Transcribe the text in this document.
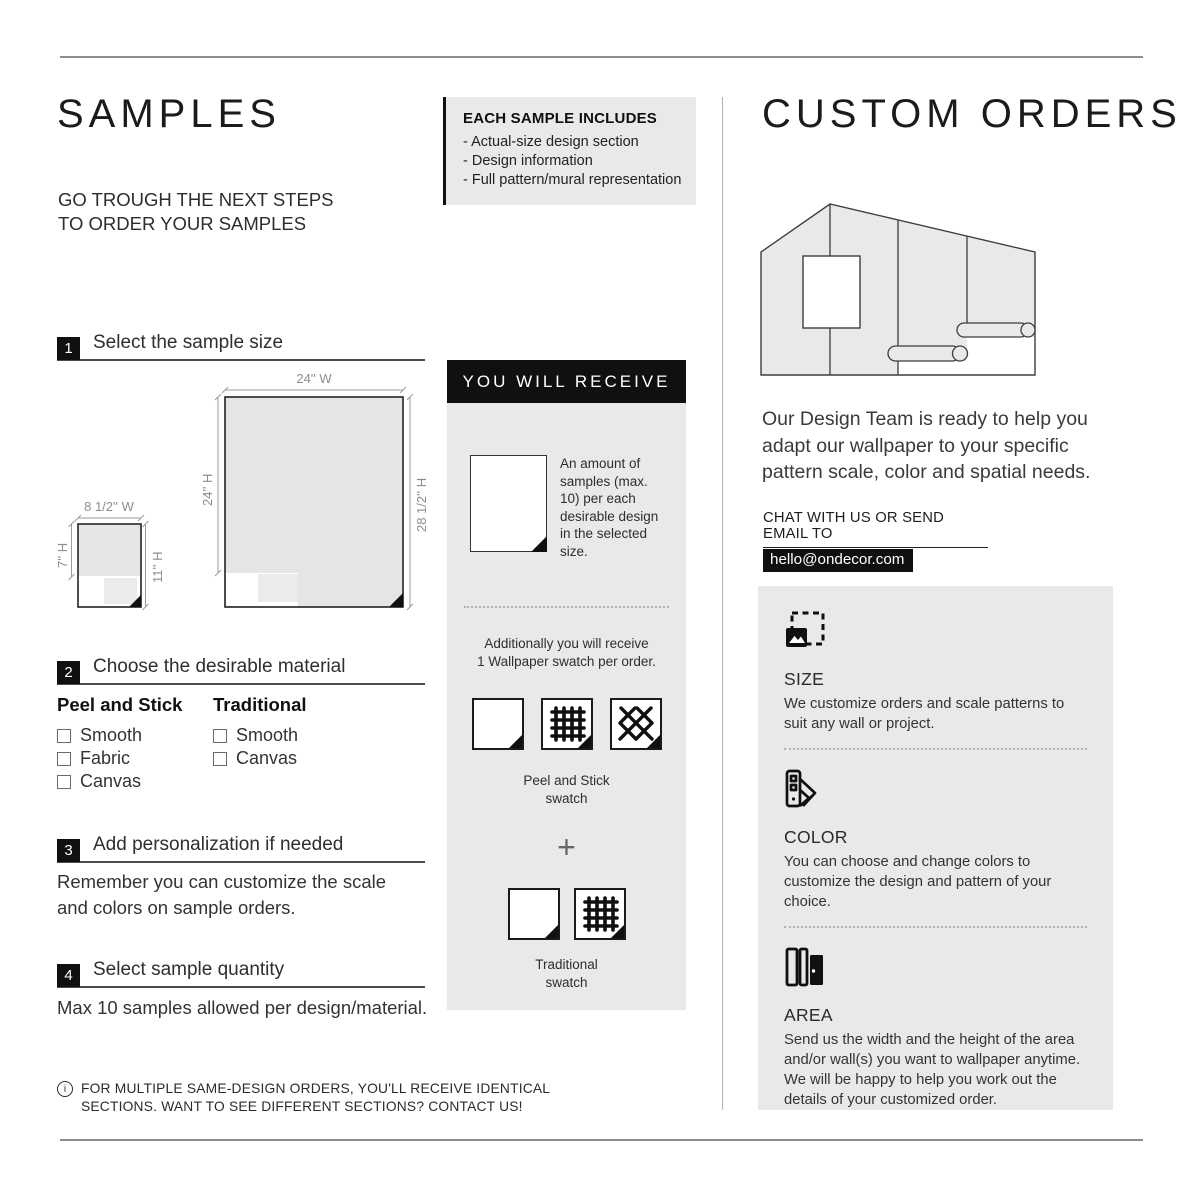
SAMPLES
GO TROUGH THE NEXT STEPS
TO ORDER YOUR SAMPLES
EACH SAMPLE INCLUDES
- Actual-size design section
- Design information
- Full pattern/mural representation
1	Select the sample size
2	Choose the desirable material
3	Add personalization if needed
4	Select sample quantity
8 1/2'' W
7'' H	11'' H
24'' W
24'' H	28 1/2'' H
Peel and Stick
Smooth
Fabric
Canvas
Traditional
Smooth
Canvas
Remember you can customize the scale
and colors on sample orders.
Max 10 samples allowed per design/material.
i
FOR MULTIPLE SAME-DESIGN ORDERS, YOU'LL RECEIVE IDENTICAL
SECTIONS. WANT TO SEE DIFFERENT SECTIONS? CONTACT US!
YOU WILL RECEIVE
An amount of samples (max. 10) per each desirable design in the selected size.
Additionally you will receive
1 Wallpaper swatch per order.
Peel and Stick
swatch
+
Traditional
swatch
CUSTOM ORDERS
Our Design Team is ready to help you adapt our wallpaper to your specific pattern scale, color and spatial needs.
CHAT WITH US OR SEND EMAIL TO
hello@ondecor.com
SIZE
We customize orders and scale patterns to suit any wall or project.
COLOR
You can choose and change colors to customize the design and pattern of your choice.
AREA
Send us the width and the height of the area and/or wall(s) you want to wallpaper anytime. We will be happy to help you work out the details of your customized order.
